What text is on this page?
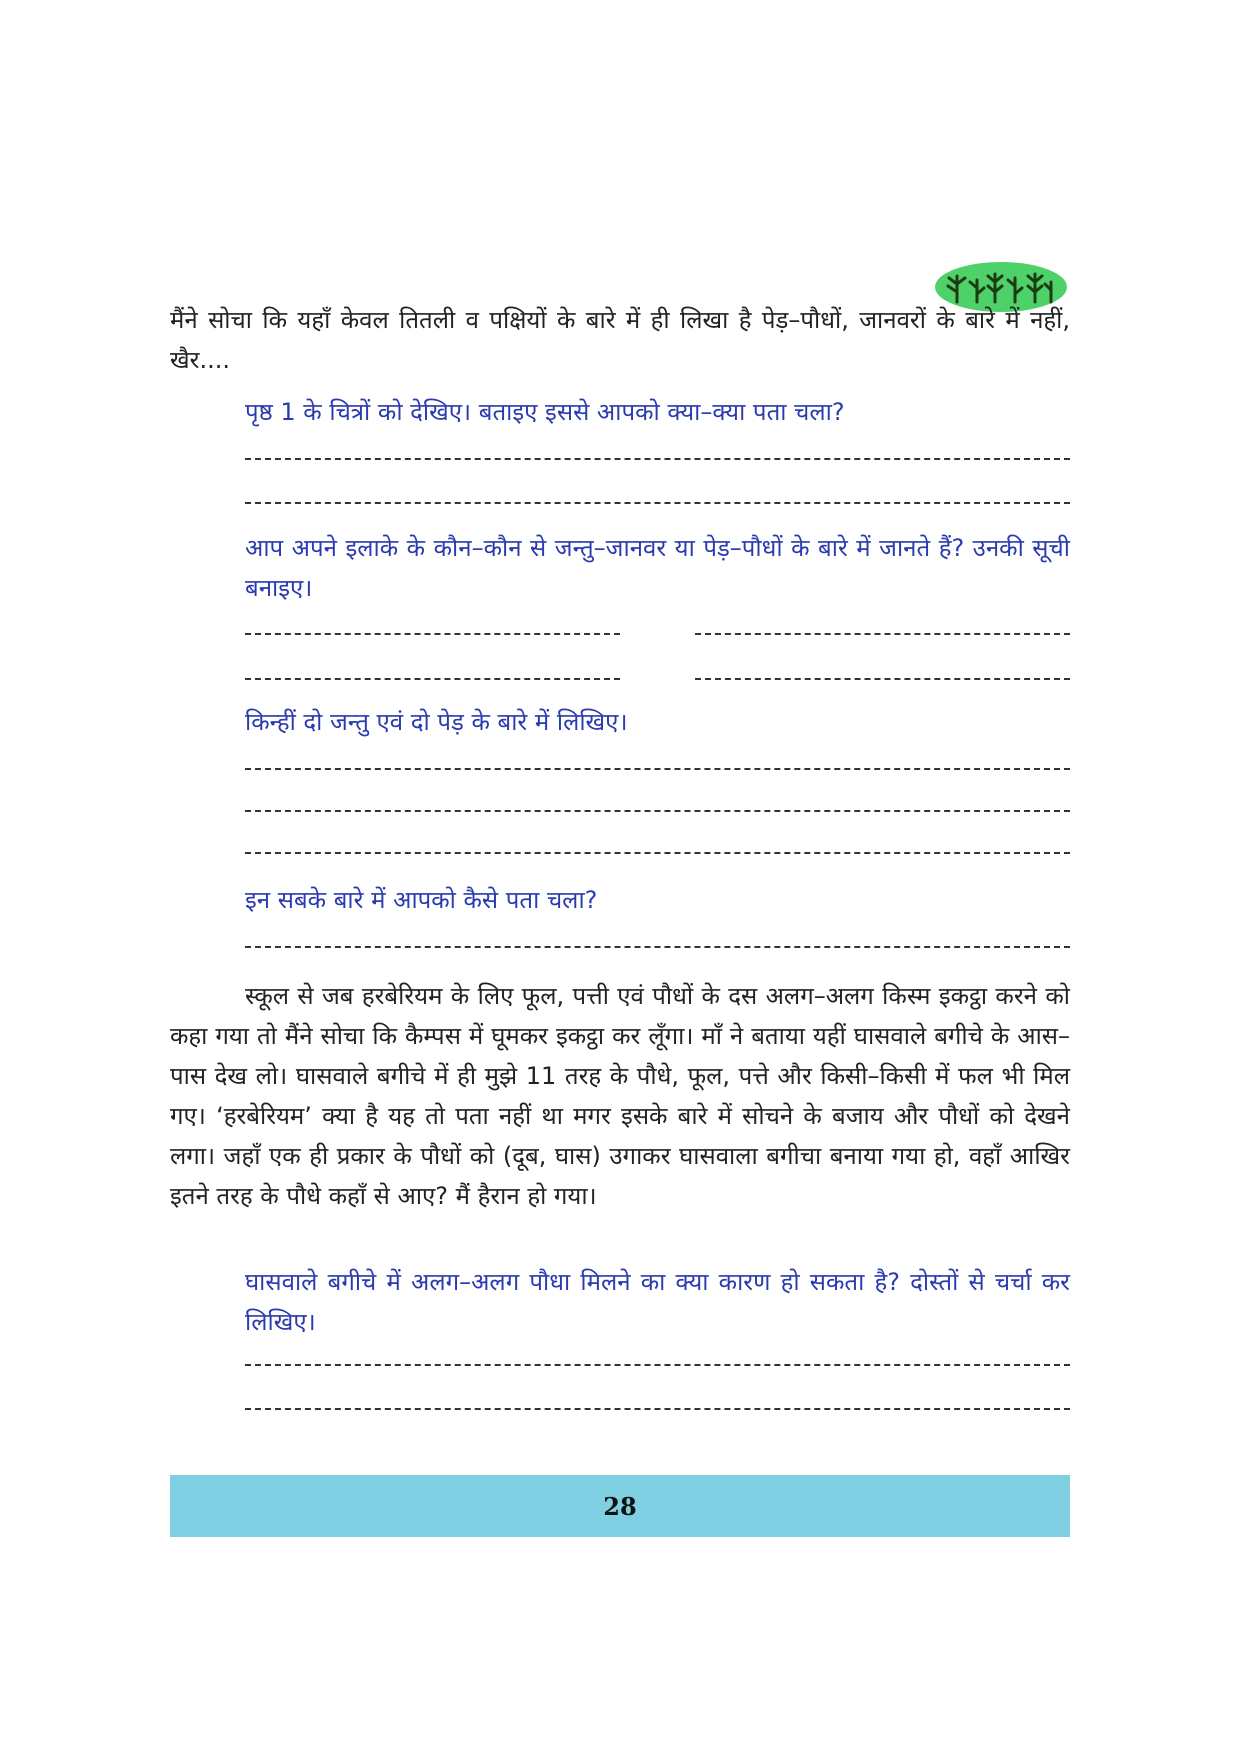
मैंने सोचा कि यहाँ केवल तितली व पक्षियों के बारे में ही लिखा है पेड़–पौधों, जानवरों के बारे में नहीं, खैर....

पृष्ठ 1 के चित्रों को देखिए। बताइए इससे आपको क्या–क्या पता चला?

आप अपने इलाके के कौन–कौन से जन्तु–जानवर या पेड़–पौधों के बारे में जानते हैं? उनकी सूची बनाइए।

किन्हीं दो जन्तु एवं दो पेड़ के बारे में लिखिए।

इन सबके बारे में आपको कैसे पता चला?

स्कूल से जब हरबेरियम के लिए फूल, पत्ती एवं पौधों के दस अलग–अलग किस्म इकट्ठा करने को कहा गया तो मैंने सोचा कि कैम्पस में घूमकर इकट्ठा कर लूँगा। माँ ने बताया यहीं घासवाले बगीचे के आस–पास देख लो। घासवाले बगीचे में ही मुझे 11 तरह के पौधे, फूल, पत्ते और किसी–किसी में फल भी मिल गए। ‘हरबेरियम’ क्या है यह तो पता नहीं था मगर इसके बारे में सोचने के बजाय और पौधों को देखने लगा। जहाँ एक ही प्रकार के पौधों को (दूब, घास) उगाकर घासवाला बगीचा बनाया गया हो, वहाँ आखिर इतने तरह के पौधे कहाँ से आए? मैं हैरान हो गया।

घासवाले बगीचे में अलग–अलग पौधा मिलने का क्या कारण हो सकता है? दोस्तों से चर्चा कर लिखिए।

28
